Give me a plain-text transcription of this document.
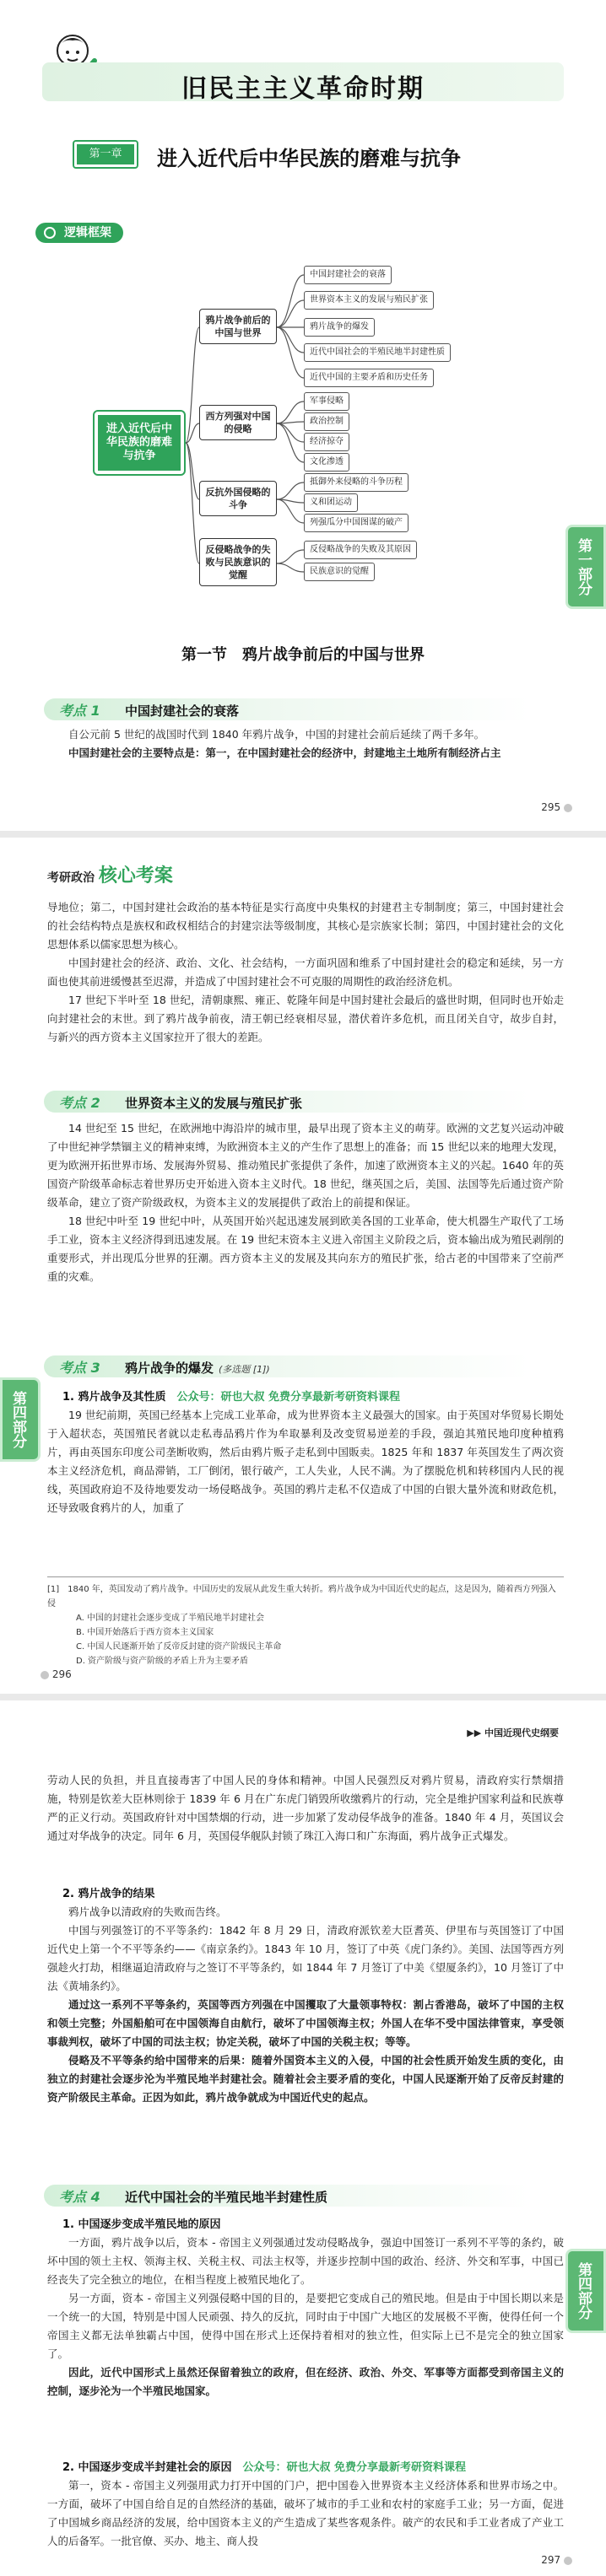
旧民主主义革命时期
第一章	进入近代后中华民族的磨难与抗争
逻辑框架
进入近代后中华民族的磨难与抗争
鸦片战争前后的中国与世界
西方列强对中国的侵略
反抗外国侵略的斗争
反侵略战争的失败与民族意识的觉醒
中国封建社会的衰落
世界资本主义的发展与殖民扩张
鸦片战争的爆发
近代中国社会的半殖民地半封建性质
近代中国的主要矛盾和历史任务
军事侵略
政治控制
经济掠夺
文化渗透
抵御外来侵略的斗争历程
义和团运动
列强瓜分中国图谋的破产
反侵略战争的失败及其原因
民族意识的觉醒	第一部分
第一节　鸦片战争前后的中国与世界
考点 1 中国封建社会的衰落

自公元前 5 世纪的战国时代到 1840 年鸦片战争，中国的封建社会前后延续了两千多年。

中国封建社会的主要特点是：第一，在中国封建社会的经济中，封建地主土地所有制经济占主

295
考研政治 核心考案

导地位；第二，中国封建社会政治的基本特征是实行高度中央集权的封建君主专制制度；第三，中国封建社会的社会结构特点是族权和政权相结合的封建宗法等级制度，其核心是宗族家长制；第四，中国封建社会的文化思想体系以儒家思想为核心。

中国封建社会的经济、政治、文化、社会结构，一方面巩固和维系了中国封建社会的稳定和延续，另一方面也使其前进缓慢甚至迟滞，并造成了中国封建社会不可克服的周期性的政治经济危机。

17 世纪下半叶至 18 世纪，清朝康熙、雍正、乾隆年间是中国封建社会最后的盛世时期，但同时也开始走向封建社会的末世。到了鸦片战争前夜，清王朝已经衰相尽显，潜伏着许多危机，而且闭关自守，故步自封，与新兴的西方资本主义国家拉开了很大的差距。

考点 2 世界资本主义的发展与殖民扩张

14 世纪至 15 世纪，在欧洲地中海沿岸的城市里，最早出现了资本主义的萌芽。欧洲的文艺复兴运动冲破了中世纪神学禁锢主义的精神束缚，为欧洲资本主义的产生作了思想上的准备；而 15 世纪以来的地理大发现，更为欧洲开拓世界市场、发展海外贸易、推动殖民扩张提供了条件，加速了欧洲资本主义的兴起。1640 年的英国资产阶级革命标志着世界历史开始进入资本主义时代。18 世纪，继英国之后，美国、法国等先后通过资产阶级革命，建立了资产阶级政权，为资本主义的发展提供了政治上的前提和保证。

18 世纪中叶至 19 世纪中叶，从英国开始兴起迅速发展到欧美各国的工业革命，使大机器生产取代了工场手工业，资本主义经济得到迅速发展。在 19 世纪末资本主义进入帝国主义阶段之后，资本输出成为殖民剥削的重要形式，并出现瓜分世界的狂潮。西方资本主义的发展及其向东方的殖民扩张，给古老的中国带来了空前严重的灾难。

考点 3 鸦片战争的爆发 (多选题 [1])
1. 鸦片战争及其性质　 公众号：研也大叔 免费分享最新考研资料课程

19 世纪前期，英国已经基本上完成工业革命，成为世界资本主义最强大的国家。由于英国对华贸易长期处于入超状态，英国殖民者就以走私毒品鸦片作为牟取暴利及改变贸易逆差的手段，强迫其殖民地印度种植鸦片，再由英国东印度公司垄断收购，然后由鸦片贩子走私到中国販卖。1825 年和 1837 年英国发生了两次资本主义经济危机，商品滞销，工厂倒闭，银行破产，工人失业，人民不满。为了摆脱危机和转移国内人民的视线，英国政府迫不及待地要发动一场侵略战争。英国的鸦片走私不仅造成了中国的白银大量外流和财政危机，还导致吸食鸦片的人，加重了

第四部分
[1]　1840 年，英国发动了鸦片战争。中国历史的发展从此发生重大转折。鸦片战争成为中国近代史的起点，这是因为，随着西方列强入侵
A. 中国的封建社会逐步变成了半殖民地半封建社会
B. 中国开始落后于西方资本主义国家
C. 中国人民逐渐开始了反帝反封建的资产阶级民主革命
D. 资产阶级与资产阶级的矛盾上升为主要矛盾
296
▶▶ 中国近现代史纲要

劳动人民的负担，并且直接毒害了中国人民的身体和精神。中国人民强烈反对鸦片贸易，清政府实行禁烟措施，特别是钦差大臣林则徐于 1839 年 6 月在广东虎门销毁所收缴鸦片的行动，完全是维护国家利益和民族尊严的正义行动。英国政府针对中国禁烟的行动，进一步加紧了发动侵华战争的准备。1840 年 4 月，英国议会通过对华战争的决定。同年 6 月，英国侵华舰队封锁了珠江入海口和广东海面，鸦片战争正式爆发。

2. 鸦片战争的结果

鸦片战争以清政府的失败而告终。

中国与列强签订的不平等条约：1842 年 8 月 29 日，清政府派钦差大臣耆英、伊里布与英国签订了中国近代史上第一个不平等条约——《南京条约》。1843 年 10 月，签订了中英《虎门条约》。美国、法国等西方列强趁火打劫，相继逼迫清政府与之签订不平等条约，如 1844 年 7 月签订了中美《望厦条约》，10 月签订了中法《黄埔条约》。

通过这一系列不平等条约，英国等西方列强在中国攫取了大量领事特权：割占香港岛，破坏了中国的主权和领土完整；外国船舶可在中国领海自由航行，破坏了中国领海主权；外国人在华不受中国法律管束，享受领事裁判权，破坏了中国的司法主权；协定关税，破坏了中国的关税主权；等等。

侵略及不平等条约给中国带来的后果：随着外国资本主义的入侵，中国的社会性质开始发生质的变化，由独立的封建社会逐步沦为半殖民地半封建社会。随着社会主要矛盾的变化，中国人民逐渐开始了反帝反封建的资产阶级民主革命。正因为如此，鸦片战争就成为中国近代史的起点。

考点 4 近代中国社会的半殖民地半封建性质
1. 中国逐步变成半殖民地的原因

一方面，鸦片战争以后，资本 - 帝国主义列强通过发动侵略战争，强迫中国签订一系列不平等的条约，破坏中国的领土主权、领海主权、关税主权、司法主权等，并逐步控制中国的政治、经济、外交和军事，中国已经丧失了完全独立的地位，在相当程度上被殖民地化了。

另一方面，资本 - 帝国主义列强侵略中国的目的，是要把它变成自己的殖民地。但是由于中国长期以来是一个统一的大国，特别是中国人民顽强、持久的反抗，同时由于中国广大地区的发展极不平衡，使得任何一个帝国主义都无法单独霸占中国，使得中国在形式上还保持着相对的独立性，但实际上已不是完全的独立国家了。

因此，近代中国形式上虽然还保留着独立的政府，但在经济、政治、外交、军事等方面都受到帝国主义的控制，逐步沦为一个半殖民地国家。

2. 中国逐步变成半封建社会的原因　 公众号：研也大叔 免费分享最新考研资料课程

第一，资本 - 帝国主义列强用武力打开中国的门户，把中国卷入世界资本主义经济体系和世界市场之中。一方面，破坏了中国自给自足的自然经济的基础，破坏了城市的手工业和农村的家庭手工业；另一方面，促进了中国城乡商品经济的发展，给中国资本主义的产生造成了某些客观条件。破产的农民和手工业者成了产业工人的后备军。一批官僚、买办、地主、商人投

第四部分
297
